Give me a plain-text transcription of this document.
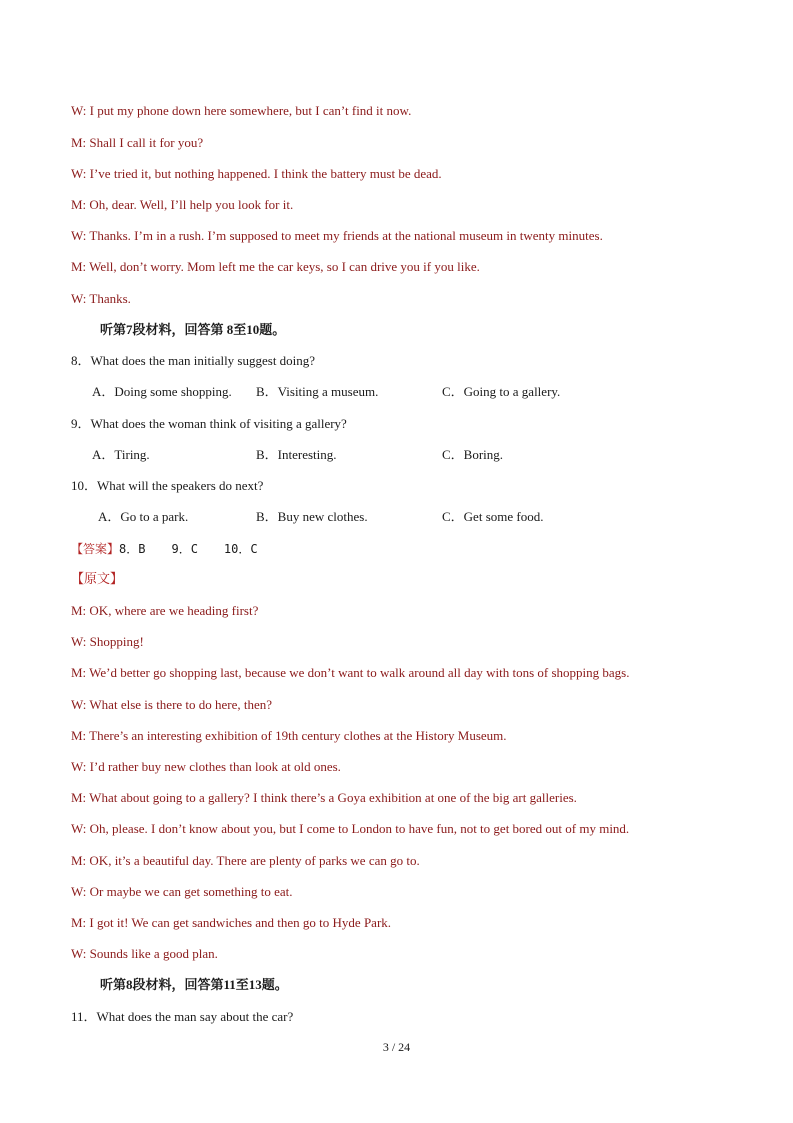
W: I put my phone down here somewhere, but I can’t find it now.
M: Shall I call it for you?
W: I’ve tried it, but nothing happened. I think the battery must be dead.
M: Oh, dear. Well, I’ll help you look for it.
W: Thanks. I’m in a rush. I’m supposed to meet my friends at the national museum in twenty minutes.
M: Well, don’t worry. Mom left me the car keys, so I can drive you if you like.
W: Thanks.
听第7段材料，回答第 8至10题。
8．What does the man initially suggest doing?
A．Doing some shopping. B．Visiting a museum.	C．Going to a gallery.
9．What does the woman think of visiting a gallery?
A．Tiring.	B．Interesting.	C．Boring.
10．What will the speakers do next?
A．Go to a park.	B．Buy new clothes.	C．Get some food.
【答案】8．B 9．C 10．C
【原文】
M: OK, where are we heading first?
W: Shopping!
M: We’d better go shopping last, because we don’t want to walk around all day with tons of shopping bags.
W: What else is there to do here, then?
M: There’s an interesting exhibition of 19th century clothes at the History Museum.
W: I’d rather buy new clothes than look at old ones.
M: What about going to a gallery? I think there’s a Goya exhibition at one of the big art galleries.
W: Oh, please. I don’t know about you, but I come to London to have fun, not to get bored out of my mind.
M: OK, it’s a beautiful day. There are plenty of parks we can go to.
W: Or maybe we can get something to eat.
M: I got it! We can get sandwiches and then go to Hyde Park.
W: Sounds like a good plan.
听第8段材料，回答第11至13题。
11．What does the man say about the car?
3 / 24
